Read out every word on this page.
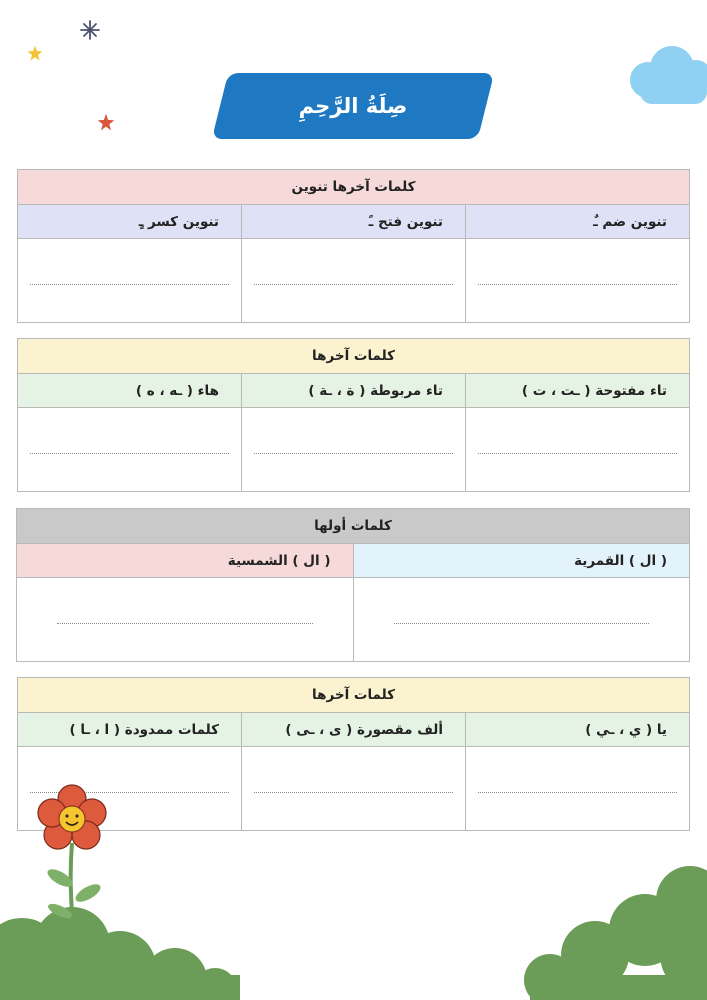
صِلَةُ الرَّحِمِ
كلمات آخرها تنوين		
تنوين ضم ـٌ	تنوين فتح ـً	تنوين كسر ـٍ

كلمات آخرها		
تاء مفتوحة ( ـت ، ت )	تاء مربوطة ( ة ، ـة )	هاء ( ـه ، ه )

كلمات أولها	
( ال ) القمرية	( ال ) الشمسية

كلمات آخرها		
يا ( ي ، ـي )	ألف مقصورة ( ى ، ـى )	كلمات ممدودة ( ا ، ـا )
